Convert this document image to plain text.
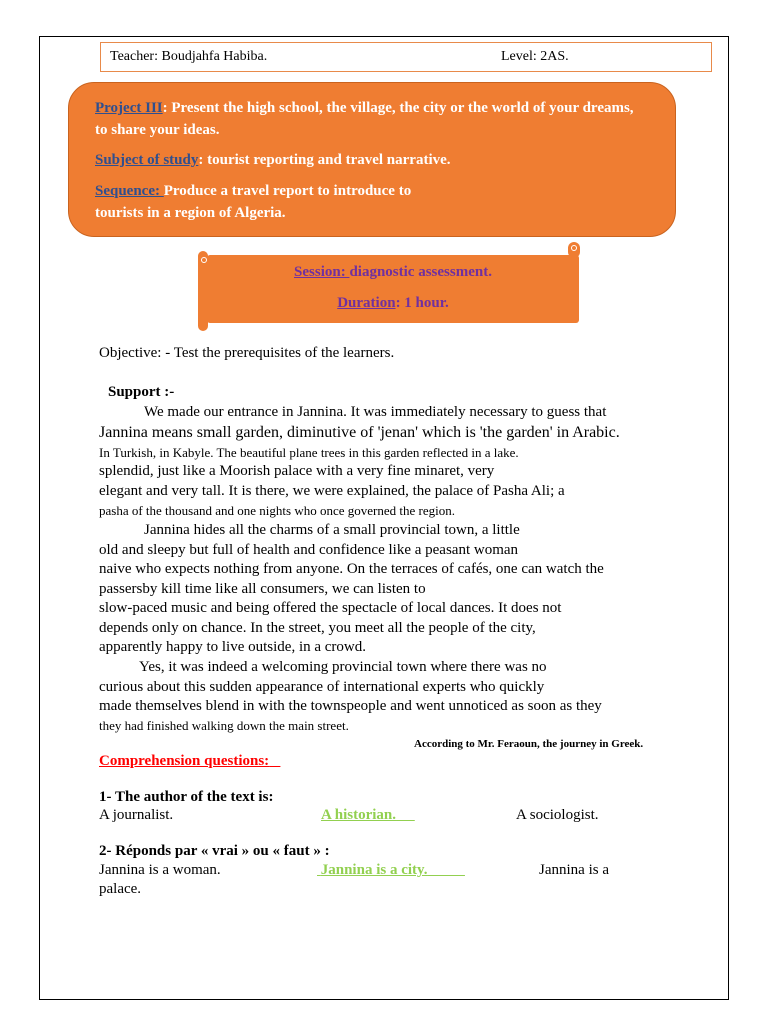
Teacher: Boudjahfa Habiba.	Level: 2AS.
Project III: Present the high school, the village, the city or the world of your dreams,
to share your ideas.
Subject of study: tourist reporting and travel narrative.
Sequence: Produce a travel report to introduce to
tourists in a region of Algeria.
Session: diagnostic assessment.
Duration: 1 hour.
Objective: - Test the prerequisites of the learners.
Support :-
We made our entrance in Jannina. It was immediately necessary to guess that
Jannina means small garden, diminutive of 'jenan' which is 'the garden' in Arabic.
In Turkish, in Kabyle. The beautiful plane trees in this garden reflected in a lake.
splendid, just like a Moorish palace with a very fine minaret, very
elegant and very tall. It is there, we were explained, the palace of Pasha Ali; a
pasha of the thousand and one nights who once governed the region.
Jannina hides all the charms of a small provincial town, a little
old and sleepy but full of health and confidence like a peasant woman
naive who expects nothing from anyone. On the terraces of cafés, one can watch the
passersby kill time like all consumers, we can listen to
slow-paced music and being offered the spectacle of local dances. It does not
depends only on chance. In the street, you meet all the people of the city,
apparently happy to live outside, in a crowd.
Yes, it was indeed a welcoming provincial town where there was no
curious about this sudden appearance of international experts who quickly
made themselves blend in with the townspeople and went unnoticed as soon as they
they had finished walking down the main street.
According to Mr. Feraoun, the journey in Greek.
Comprehension questions:
1- The author of the text is:
A journalist.	A historian.	A sociologist.
2- Réponds par « vrai » ou « faut » :
Jannina is a woman.	Jannina is a city.	Jannina is a
palace.
